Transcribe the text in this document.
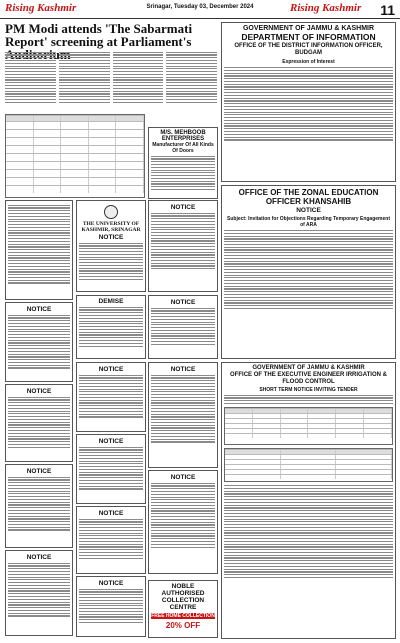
Rising Kashmir	Srinagar, Tuesday 03, December 2024	Rising Kashmir 11
PM Modi attends 'The Sabarmati Report' screening at Parliament's
M/S. MEHBOOB ENTERPRISES
Manufacturer Of All Kinds Of Doors
NOTICE
NOTICE
NOTICE
NOTICE
THE UNIVERSITY OF KASHMIR, SRINAGAR
NOTICE
NOTICE
DEMISE	NOTICE
NOTICE
NOTICE
NOTICE
NOTICE
NOTICE
NOTICE
NOBLE AUTHORISED
COLLECTION CENTRE
FREE HOME COLLECTION
20% OFF
GOVERNMENT OF JAMMU & KASHMIR
DEPARTMENT OF INFORMATION
OFFICE OF THE DISTRICT INFORMATION OFFICER, BUDGAM
Expression of Interest
OFFICE OF THE ZONAL EDUCATION OFFICER KHANSAHIB
NOTICE
Subject: Invitation for Objections Regarding Temporary Engagement of ARA
GOVERNMENT OF JAMMU & KASHMIR
OFFICE OF THE EXECUTIVE ENGINEER IRRIGATION & FLOOD CONTROL
SHORT TERM NOTICE INVITING TENDER
